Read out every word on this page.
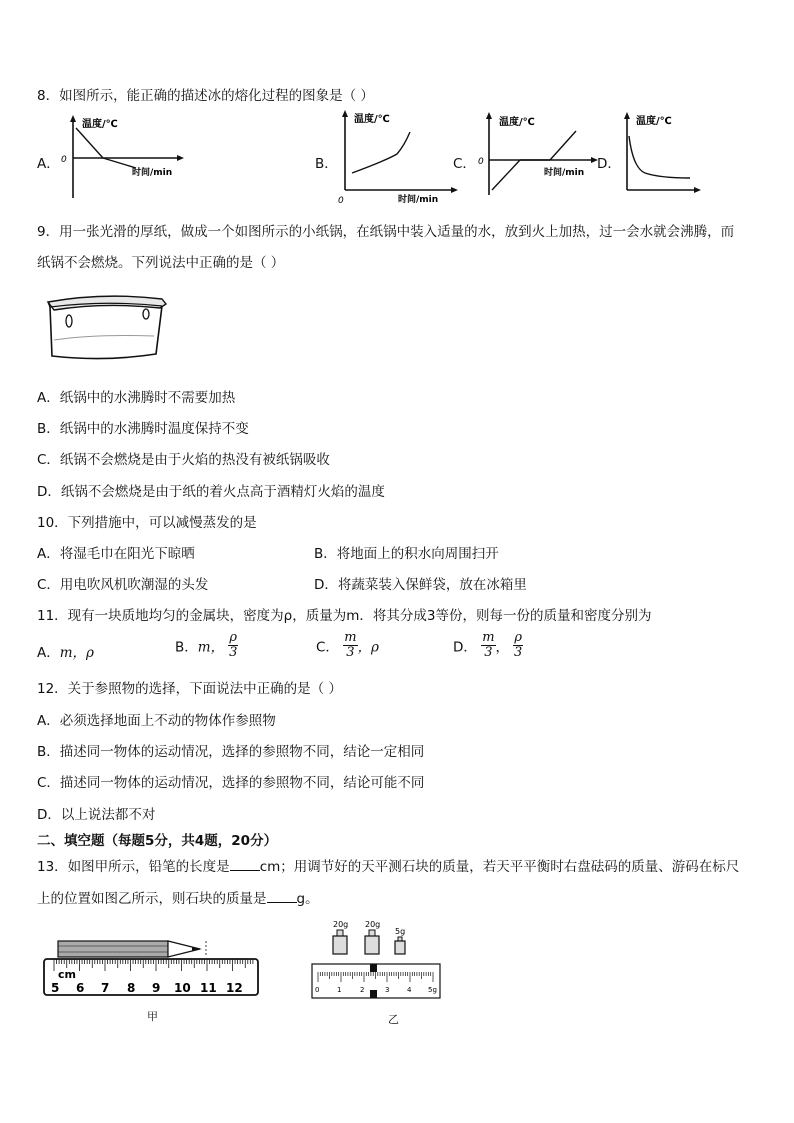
8．如图所示，能正确的描述冰的熔化过程的图象是（ ）
A．
温度/℃
0
时间/min
B．
温度/℃
0	时间/min
C．
温度/℃
0
时间/min
D．
温度/℃
9．用一张光滑的厚纸，做成一个如图所示的小纸锅，在纸锅中装入适量的水，放到火上加热，过一会水就会沸腾，而
纸锅不会燃烧。下列说法中正确的是（ ）
A．纸锅中的水沸腾时不需要加热
B．纸锅中的水沸腾时温度保持不变
C．纸锅不会燃烧是由于火焰的热没有被纸锅吸收
D．纸锅不会燃烧是由于纸的着火点高于酒精灯火焰的温度
10．下列措施中，可以减慢蒸发的是
A．将湿毛巾在阳光下晾晒	B．将地面上的积水向周围扫开
C．用电吹风机吹潮湿的头发	D．将蔬菜装入保鲜袋，放在冰箱里
11．现有一块质地均匀的金属块，密度为ρ，质量为m．将其分成3等份，则每一份的质量和密度分别为
A．m，ρ	B．m， $\frac{\rho}{3}$	C． $\frac{m}{3}$ ，ρ	D． $\frac{m}{3}$ ， $\frac{\rho}{3}$
12．关于参照物的选择，下面说法中正确的是（ ）
A．必须选择地面上不动的物体作参照物
B．描述同一物体的运动情况，选择的参照物不同，结论一定相同
C．描述同一物体的运动情况，选择的参照物不同，结论可能不同
D．以上说法都不对
二、填空题（每题5分，共4题，20分）
13．如图甲所示，铅笔的长度是 cm；用调节好的天平测石块的质量，若天平平衡时右盘砝码的质量、游码在标尺
上的位置如图乙所示，则石块的质量是 g。
cm
5 6 7 8 9 10 11 12
甲
20g 20g
5g
0	1	2	3	4 5g
乙
